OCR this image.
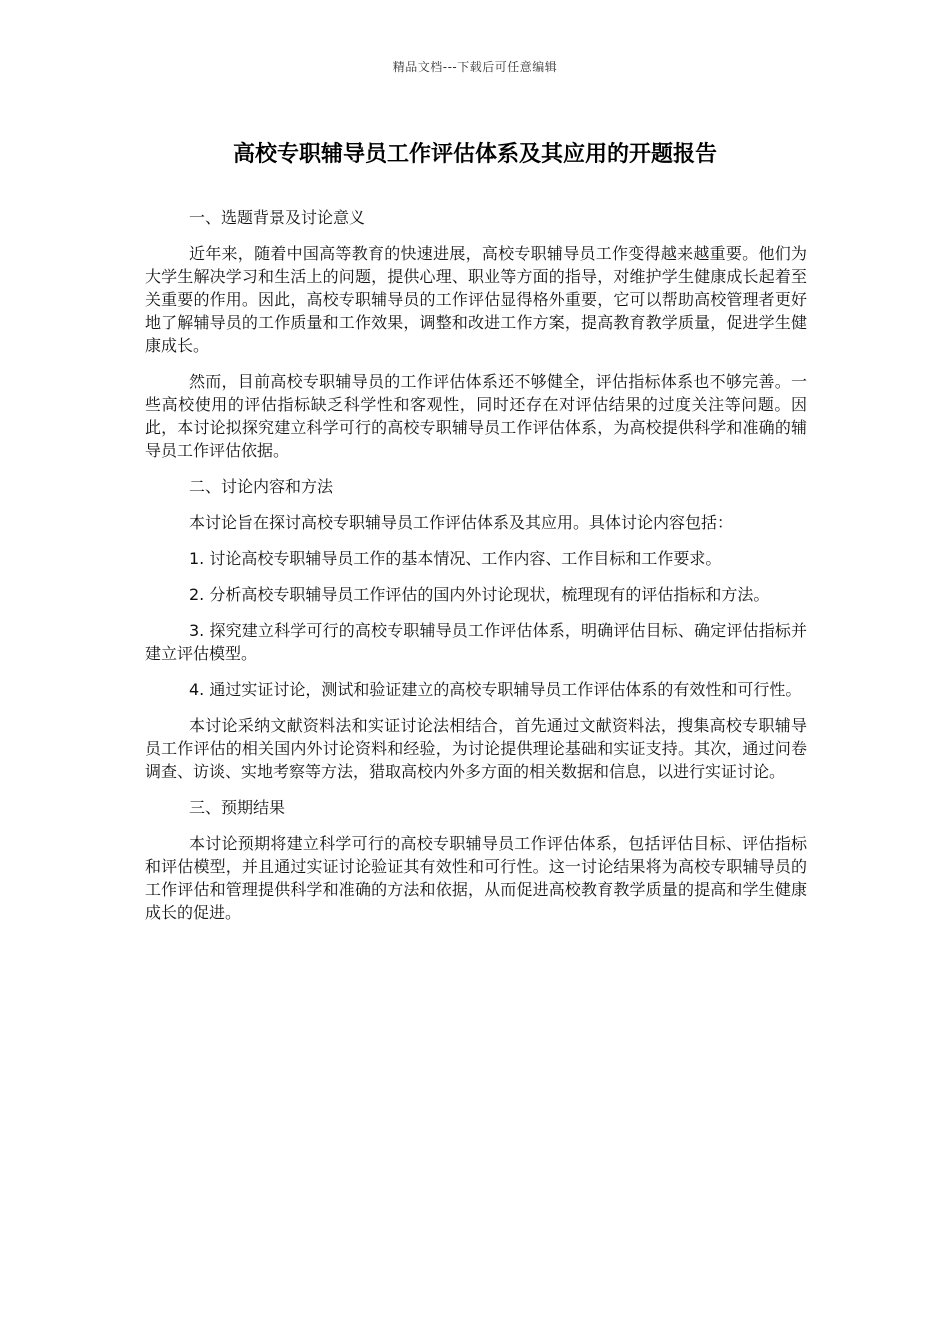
精品文档---下载后可任意编辑
高校专职辅导员工作评估体系及其应用的开题报告

一、选题背景及讨论意义

近年来，随着中国高等教育的快速进展，高校专职辅导员工作变得越来越重要。他们为大学生解决学习和生活上的问题，提供心理、职业等方面的指导，对维护学生健康成长起着至关重要的作用。因此，高校专职辅导员的工作评估显得格外重要，它可以帮助高校管理者更好地了解辅导员的工作质量和工作效果，调整和改进工作方案，提高教育教学质量，促进学生健康成长。

然而，目前高校专职辅导员的工作评估体系还不够健全，评估指标体系也不够完善。一些高校使用的评估指标缺乏科学性和客观性，同时还存在对评估结果的过度关注等问题。因此，本讨论拟探究建立科学可行的高校专职辅导员工作评估体系，为高校提供科学和准确的辅导员工作评估依据。

二、讨论内容和方法

本讨论旨在探讨高校专职辅导员工作评估体系及其应用。具体讨论内容包括：

1. 讨论高校专职辅导员工作的基本情况、工作内容、工作目标和工作要求。

2. 分析高校专职辅导员工作评估的国内外讨论现状，梳理现有的评估指标和方法。

3. 探究建立科学可行的高校专职辅导员工作评估体系，明确评估目标、确定评估指标并建立评估模型。

4. 通过实证讨论，测试和验证建立的高校专职辅导员工作评估体系的有效性和可行性。

本讨论采纳文献资料法和实证讨论法相结合，首先通过文献资料法，搜集高校专职辅导员工作评估的相关国内外讨论资料和经验，为讨论提供理论基础和实证支持。其次，通过问卷调查、访谈、实地考察等方法，猎取高校内外多方面的相关数据和信息，以进行实证讨论。

三、预期结果

本讨论预期将建立科学可行的高校专职辅导员工作评估体系，包括评估目标、评估指标和评估模型，并且通过实证讨论验证其有效性和可行性。这一讨论结果将为高校专职辅导员的工作评估和管理提供科学和准确的方法和依据，从而促进高校教育教学质量的提高和学生健康成长的促进。
